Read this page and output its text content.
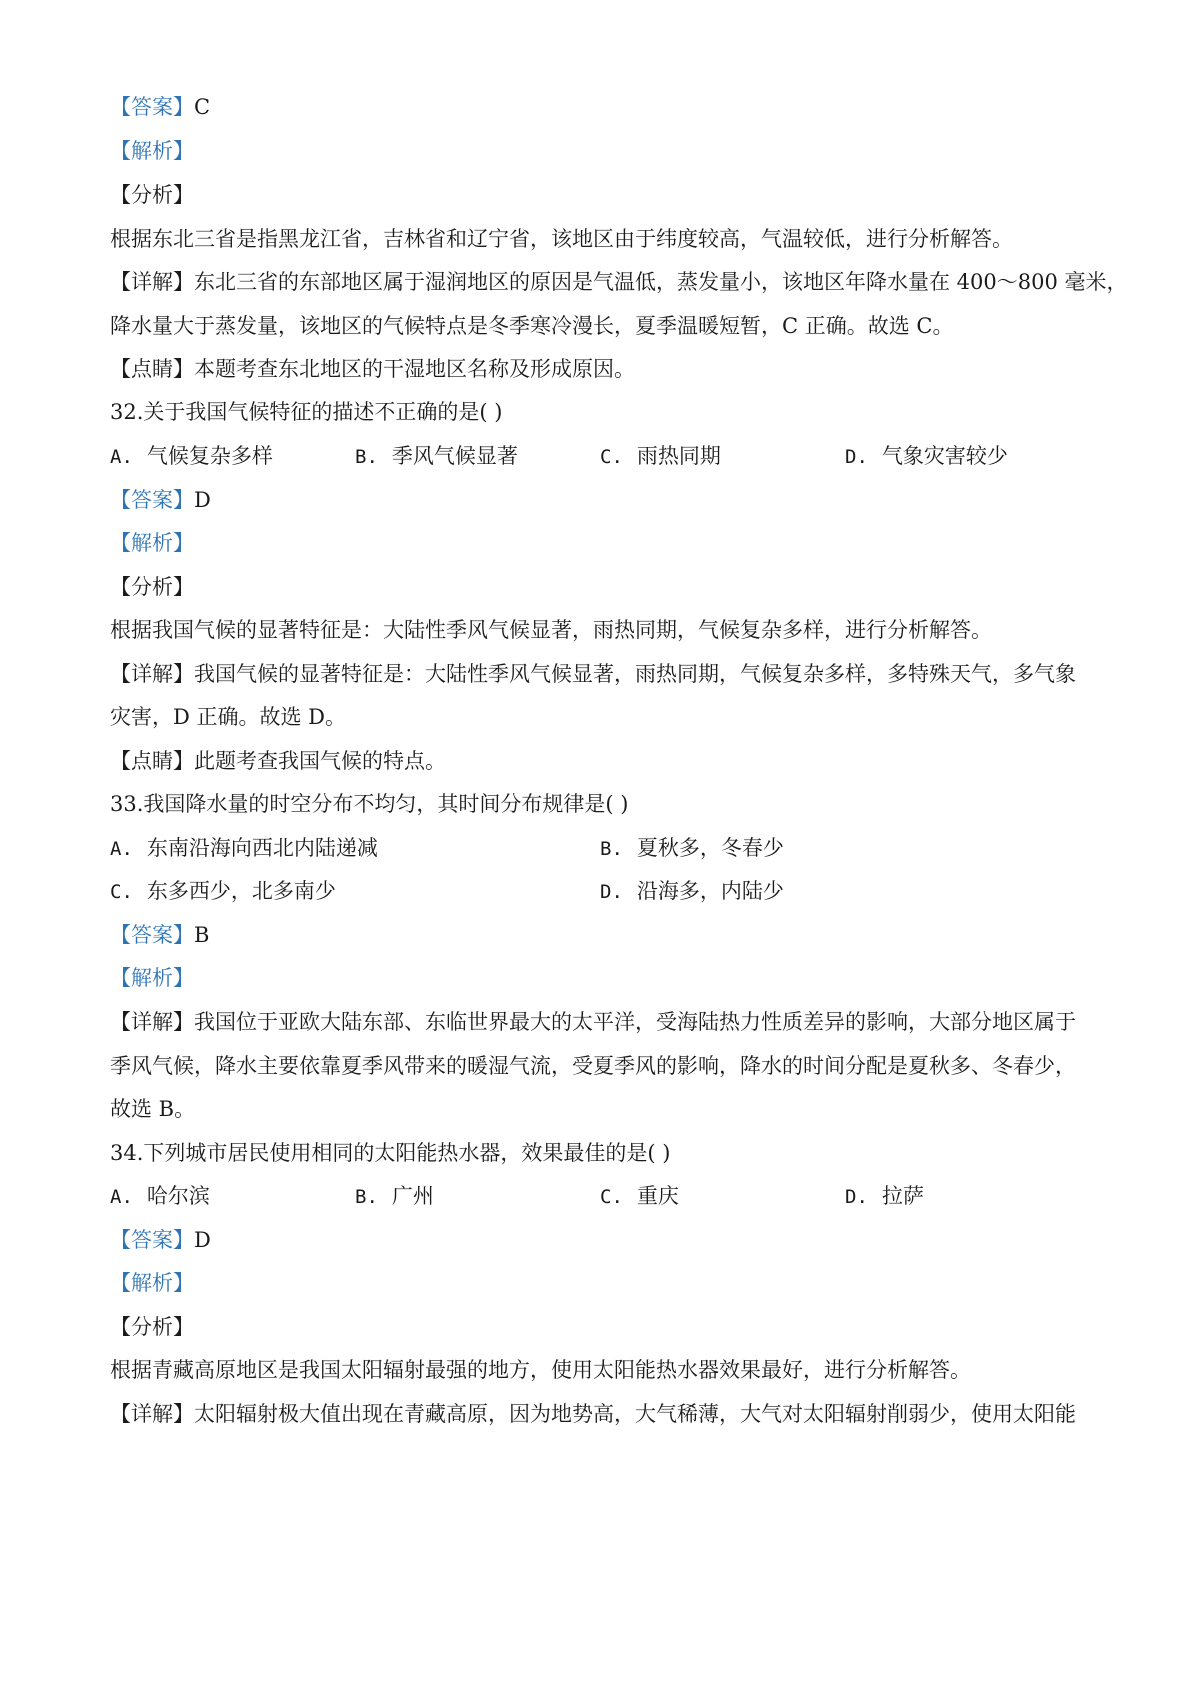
【答案】C
【解析】
【分析】
根据东北三省是指黑龙江省，吉林省和辽宁省，该地区由于纬度较高，气温较低，进行分析解答。
【详解】东北三省的东部地区属于湿润地区的原因是气温低，蒸发量小，该地区年降水量在 400～800 毫米，
降水量大于蒸发量，该地区的气候特点是冬季寒冷漫长，夏季温暖短暂，C 正确。故选 C。
【点睛】本题考查东北地区的干湿地区名称及形成原因。
32.关于我国气候特征的描述不正确的是( )
A. 气候复杂多样	B. 季风气候显著	C. 雨热同期	D. 气象灾害较少
【答案】D
【解析】
【分析】
根据我国气候的显著特征是：大陆性季风气候显著，雨热同期，气候复杂多样，进行分析解答。
【详解】我国气候的显著特征是：大陆性季风气候显著，雨热同期，气候复杂多样，多特殊天气，多气象
灾害，D 正确。故选 D。
【点睛】此题考查我国气候的特点。
33.我国降水量的时空分布不均匀，其时间分布规律是( )
A. 东南沿海向西北内陆递减	B. 夏秋多，冬春少
C. 东多西少，北多南少	D. 沿海多，内陆少
【答案】B
【解析】
【详解】我国位于亚欧大陆东部、东临世界最大的太平洋，受海陆热力性质差异的影响，大部分地区属于
季风气候，降水主要依靠夏季风带来的暖湿气流，受夏季风的影响，降水的时间分配是夏秋多、冬春少，
故选 B。
34.下列城市居民使用相同的太阳能热水器，效果最佳的是( )
A. 哈尔滨	B. 广州	C. 重庆	D. 拉萨
【答案】D
【解析】
【分析】
根据青藏高原地区是我国太阳辐射最强的地方，使用太阳能热水器效果最好，进行分析解答。
【详解】太阳辐射极大值出现在青藏高原，因为地势高，大气稀薄，大气对太阳辐射削弱少，使用太阳能
